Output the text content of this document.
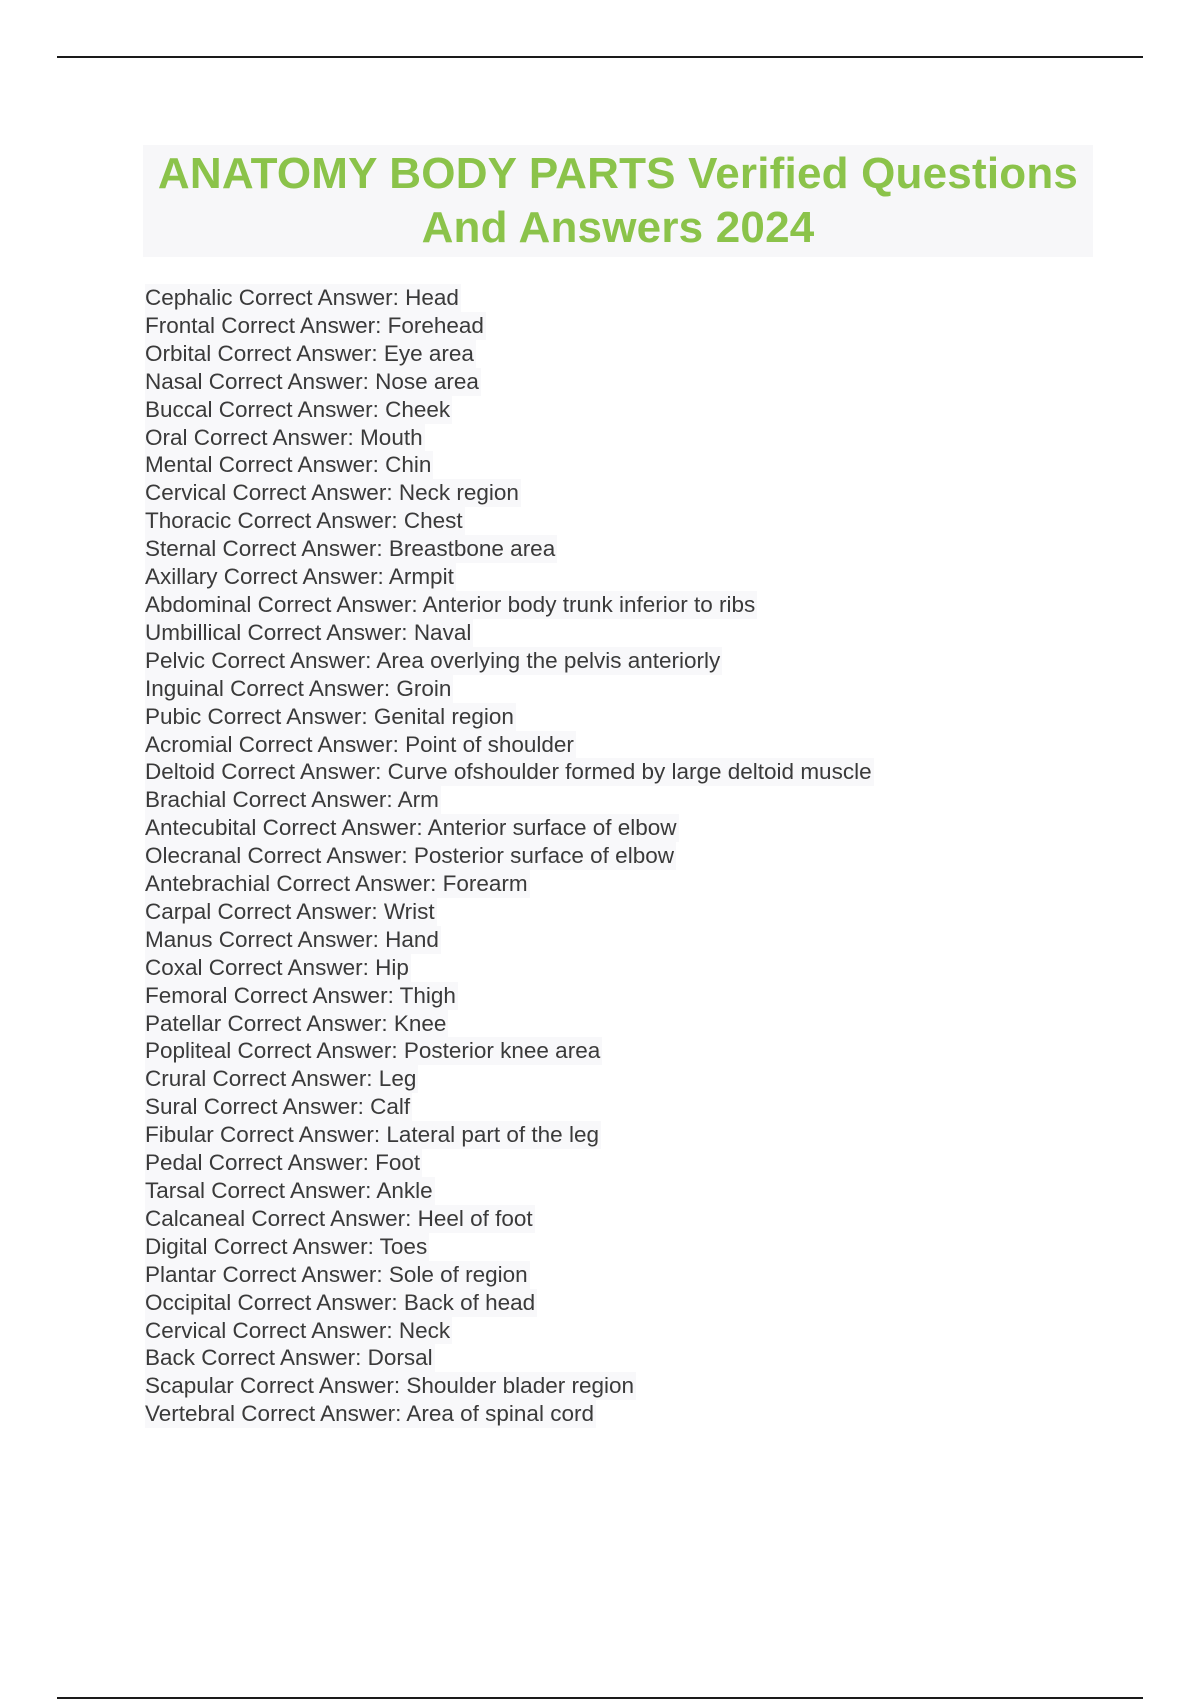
ANATOMY BODY PARTS Verified Questions And Answers 2024
Cephalic Correct Answer: Head
Frontal Correct Answer: Forehead
Orbital Correct Answer: Eye area
Nasal Correct Answer: Nose area
Buccal Correct Answer: Cheek
Oral Correct Answer: Mouth
Mental Correct Answer: Chin
Cervical Correct Answer: Neck region
Thoracic Correct Answer: Chest
Sternal Correct Answer: Breastbone area
Axillary Correct Answer: Armpit
Abdominal Correct Answer: Anterior body trunk inferior to ribs
Umbillical Correct Answer: Naval
Pelvic Correct Answer: Area overlying the pelvis anteriorly
Inguinal Correct Answer: Groin
Pubic Correct Answer: Genital region
Acromial Correct Answer: Point of shoulder
Deltoid Correct Answer: Curve ofshoulder formed by large deltoid muscle
Brachial Correct Answer: Arm
Antecubital Correct Answer: Anterior surface of elbow
Olecranal Correct Answer: Posterior surface of elbow
Antebrachial Correct Answer: Forearm
Carpal Correct Answer: Wrist
Manus Correct Answer: Hand
Coxal Correct Answer: Hip
Femoral Correct Answer: Thigh
Patellar Correct Answer: Knee
Popliteal Correct Answer: Posterior knee area
Crural Correct Answer: Leg
Sural Correct Answer: Calf
Fibular Correct Answer: Lateral part of the leg
Pedal Correct Answer: Foot
Tarsal Correct Answer: Ankle
Calcaneal Correct Answer: Heel of foot
Digital Correct Answer: Toes
Plantar Correct Answer: Sole of region
Occipital Correct Answer: Back of head
Cervical Correct Answer: Neck
Back Correct Answer: Dorsal
Scapular Correct Answer: Shoulder blader region
Vertebral Correct Answer: Area of spinal cord
